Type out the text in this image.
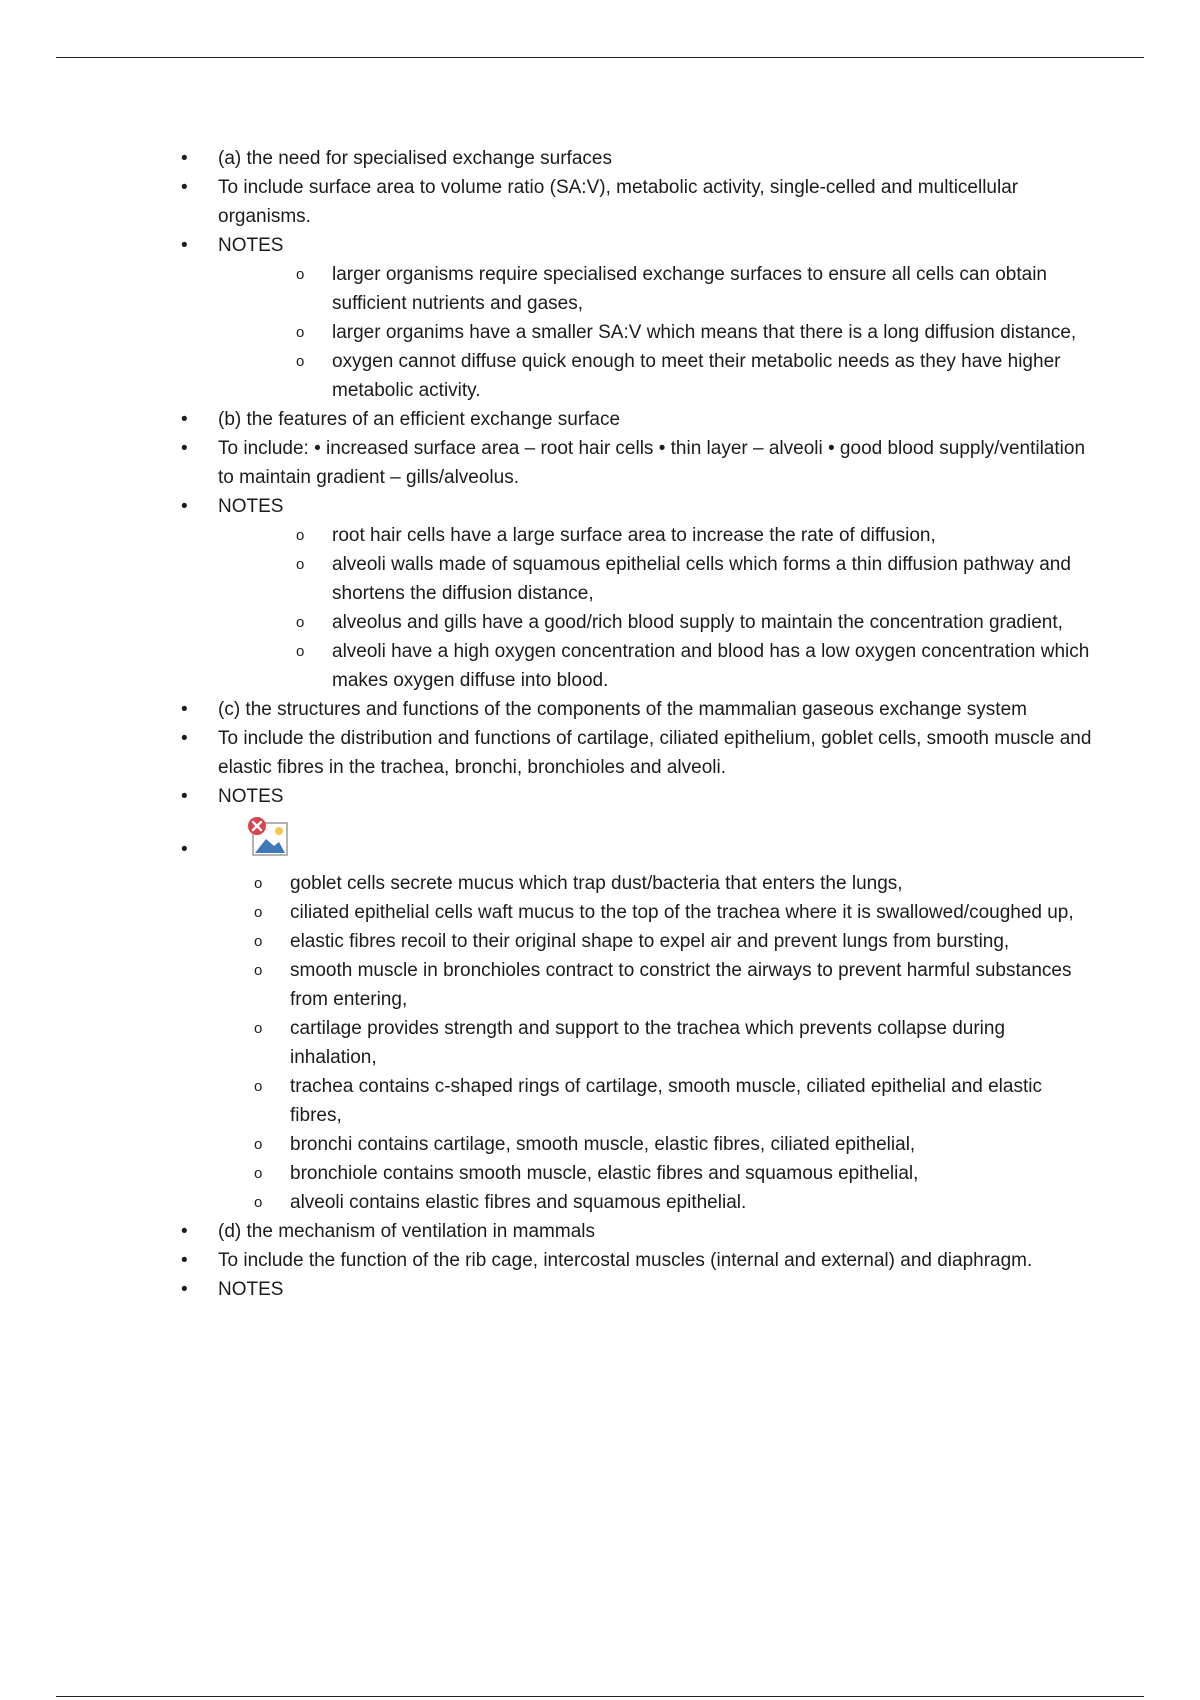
• (a) the need for specialised exchange surfaces
• To include surface area to volume ratio (SA:V), metabolic activity, single-celled and multicellular organisms.
• NOTES
o larger organisms require specialised exchange surfaces to ensure all cells can obtain sufficient nutrients and gases,
o larger organims have a smaller SA:V which means that there is a long diffusion distance,
o oxygen cannot diffuse quick enough to meet their metabolic needs as they have higher metabolic activity.
• (b) the features of an efficient exchange surface
• To include: • increased surface area – root hair cells • thin layer – alveoli • good blood supply/ventilation to maintain gradient – gills/alveolus.
• NOTES
o root hair cells have a large surface area to increase the rate of diffusion,
o alveoli walls made of squamous epithelial cells which forms a thin diffusion pathway and shortens the diffusion distance,
o alveolus and gills have a good/rich blood supply to maintain the concentration gradient,
o alveoli have a high oxygen concentration and blood has a low oxygen concentration which makes oxygen diffuse into blood.
• (c) the structures and functions of the components of the mammalian gaseous exchange system
• To include the distribution and functions of cartilage, ciliated epithelium, goblet cells, smooth muscle and elastic fibres in the trachea, bronchi, bronchioles and alveoli.
• NOTES
•
o goblet cells secrete mucus which trap dust/bacteria that enters the lungs,
o ciliated epithelial cells waft mucus to the top of the trachea where it is swallowed/coughed up,
o elastic fibres recoil to their original shape to expel air and prevent lungs from bursting,
o smooth muscle in bronchioles contract to constrict the airways to prevent harmful substances from entering,
o cartilage provides strength and support to the trachea which prevents collapse during inhalation,
o trachea contains c-shaped rings of cartilage, smooth muscle, ciliated epithelial and elastic fibres,
o bronchi contains cartilage, smooth muscle, elastic fibres, ciliated epithelial,
o bronchiole contains smooth muscle, elastic fibres and squamous epithelial,
o alveoli contains elastic fibres and squamous epithelial.
• (d) the mechanism of ventilation in mammals
• To include the function of the rib cage, intercostal muscles (internal and external) and diaphragm.
• NOTES
